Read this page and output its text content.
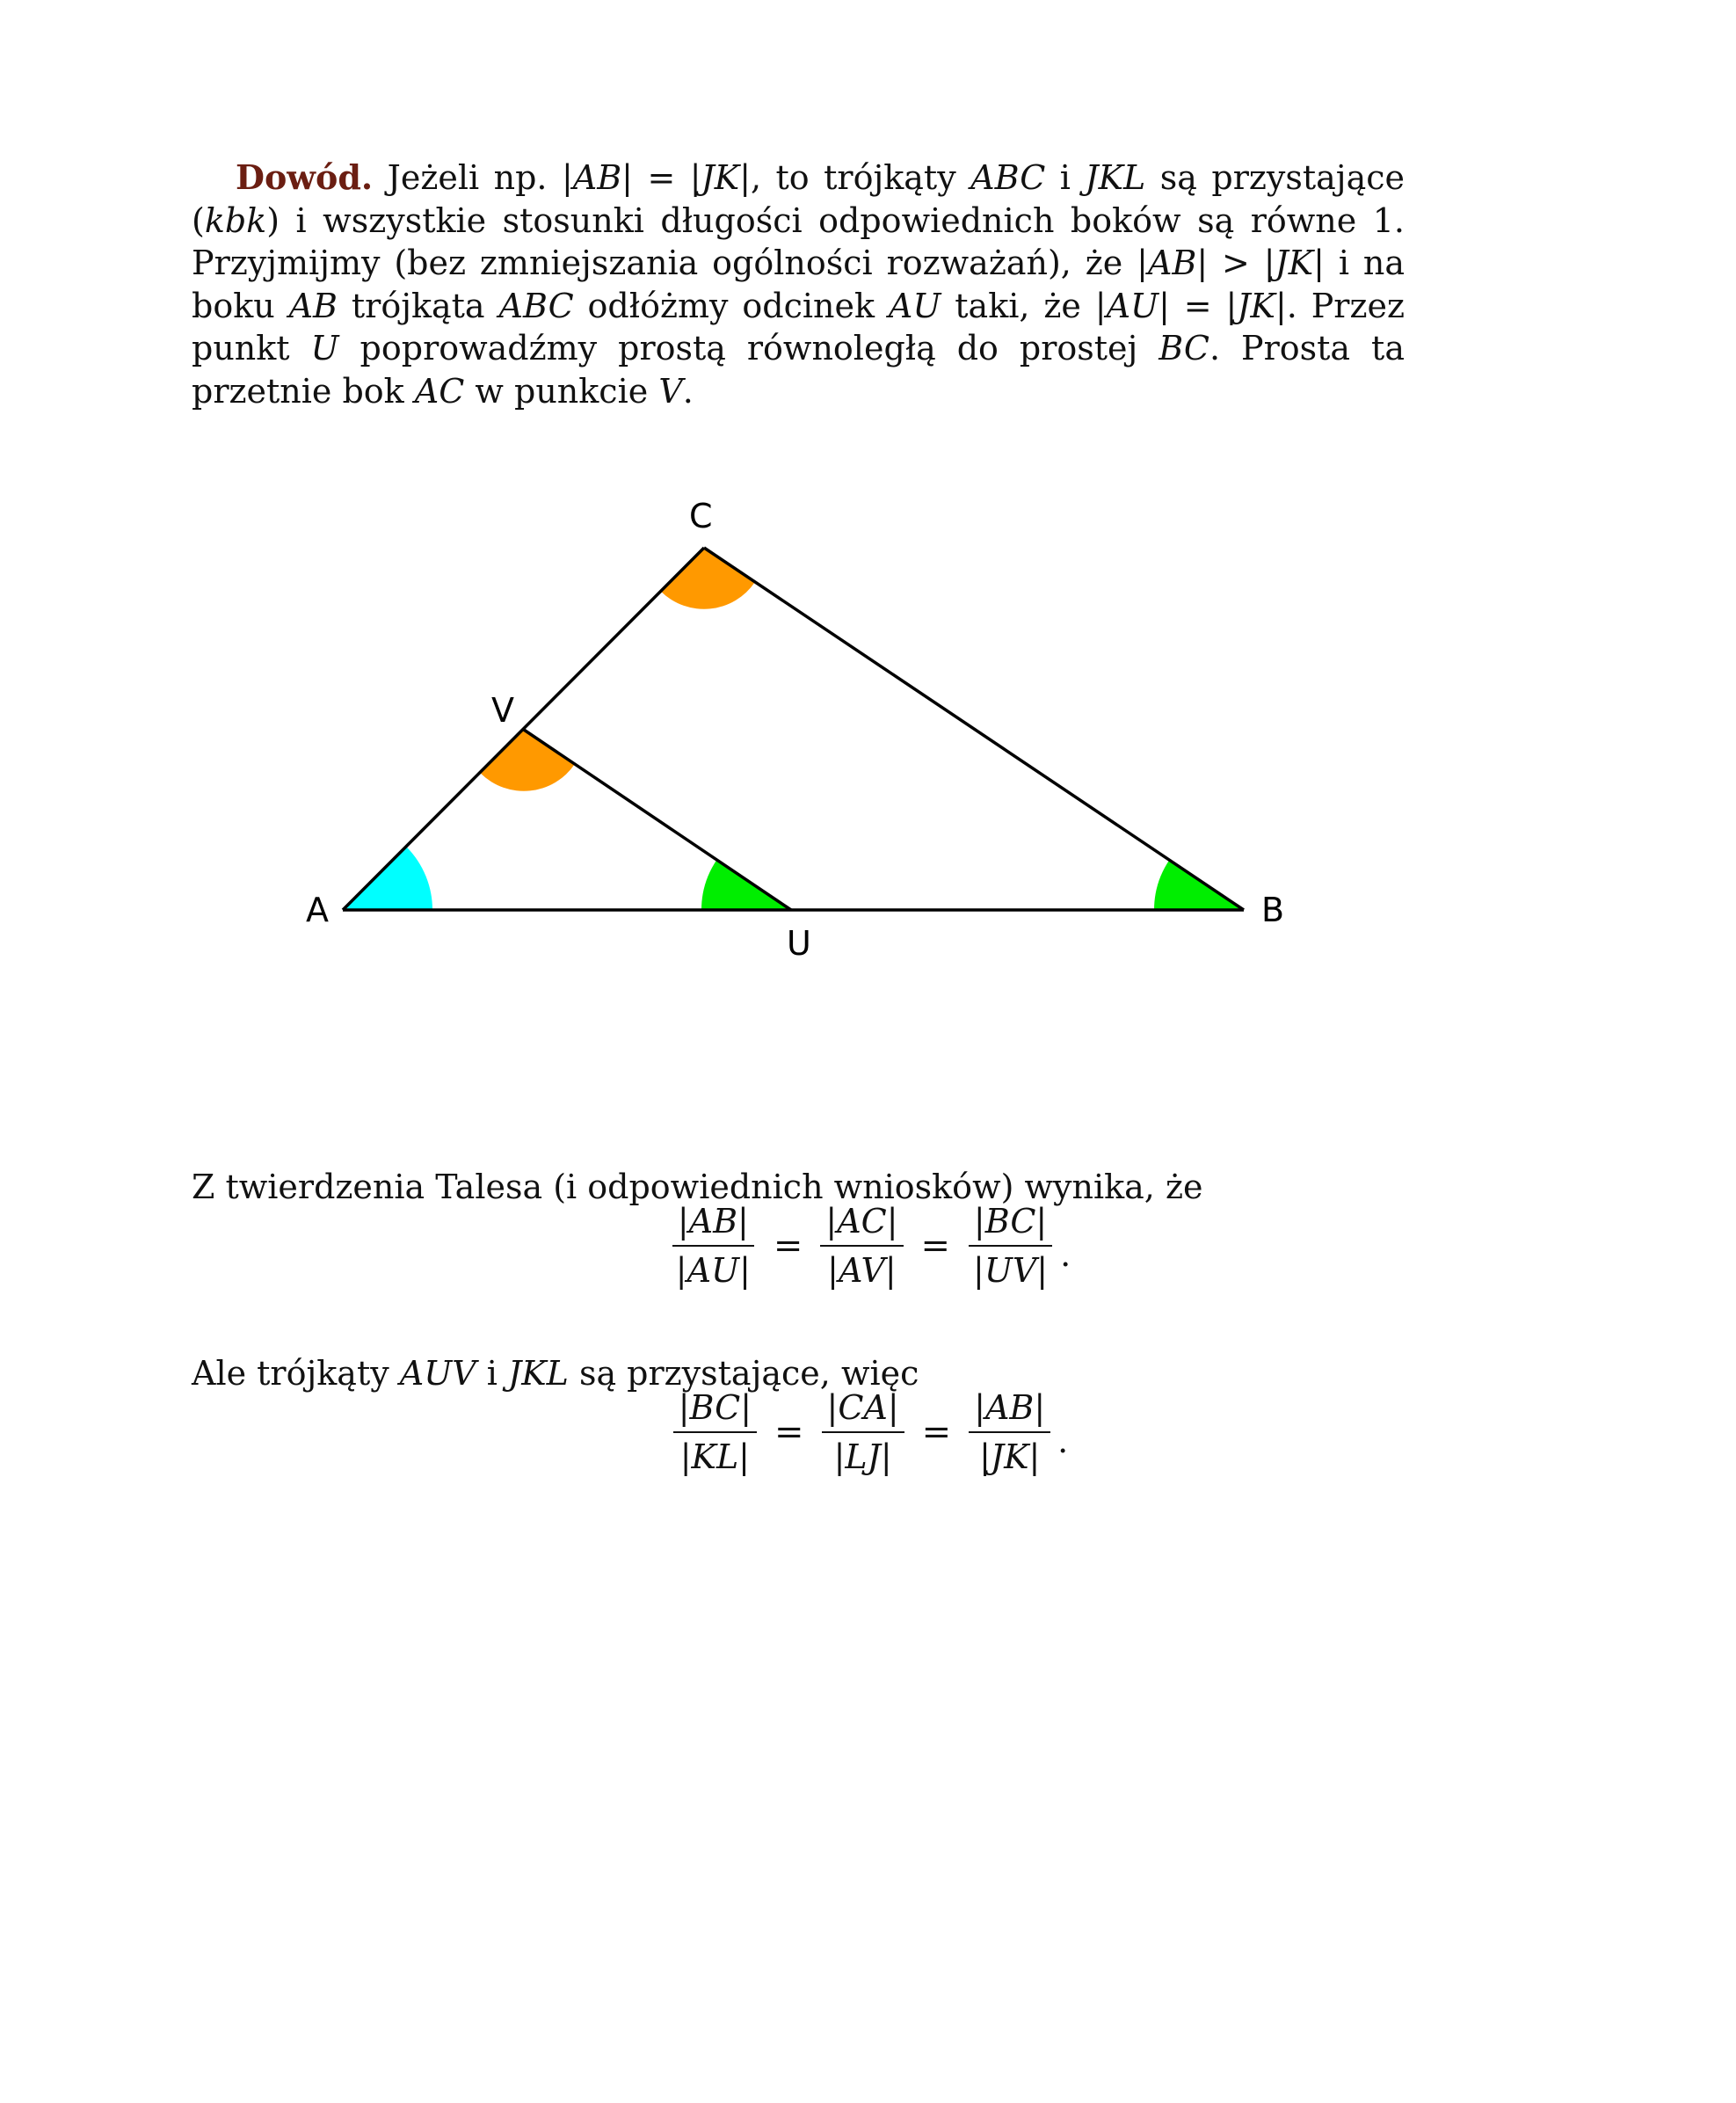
Dowód. Jeżeli np. |AB| = |JK|, to trójkąty ABC i JKL są przystające (kbk) i wszystkie stosunki długości odpowiednich boków są równe 1. Przyjmijmy (bez zmniejszania ogólności rozważań), że |AB| > |JK| i na boku AB trójkąta ABC odłóżmy odcinek AU taki, że |AU| = |JK|. Przez punkt U poprowadźmy prostą równoległą do prostej BC. Prosta ta przetnie bok AC w punkcie V.

A	B
C
U
V

Z twierdzenia Talesa (i odpowiednich wniosków) wynika, że

$\frac{|AB|}{|AU|} = \frac{|AC|}{|AV|} = \frac{|BC|}{|UV|}$ .

Ale trójkąty AUV i JKL są przystające, więc

$\frac{|BC|}{|KL|} = \frac{|CA|}{|LJ|} = \frac{|AB|}{|JK|}$ .
